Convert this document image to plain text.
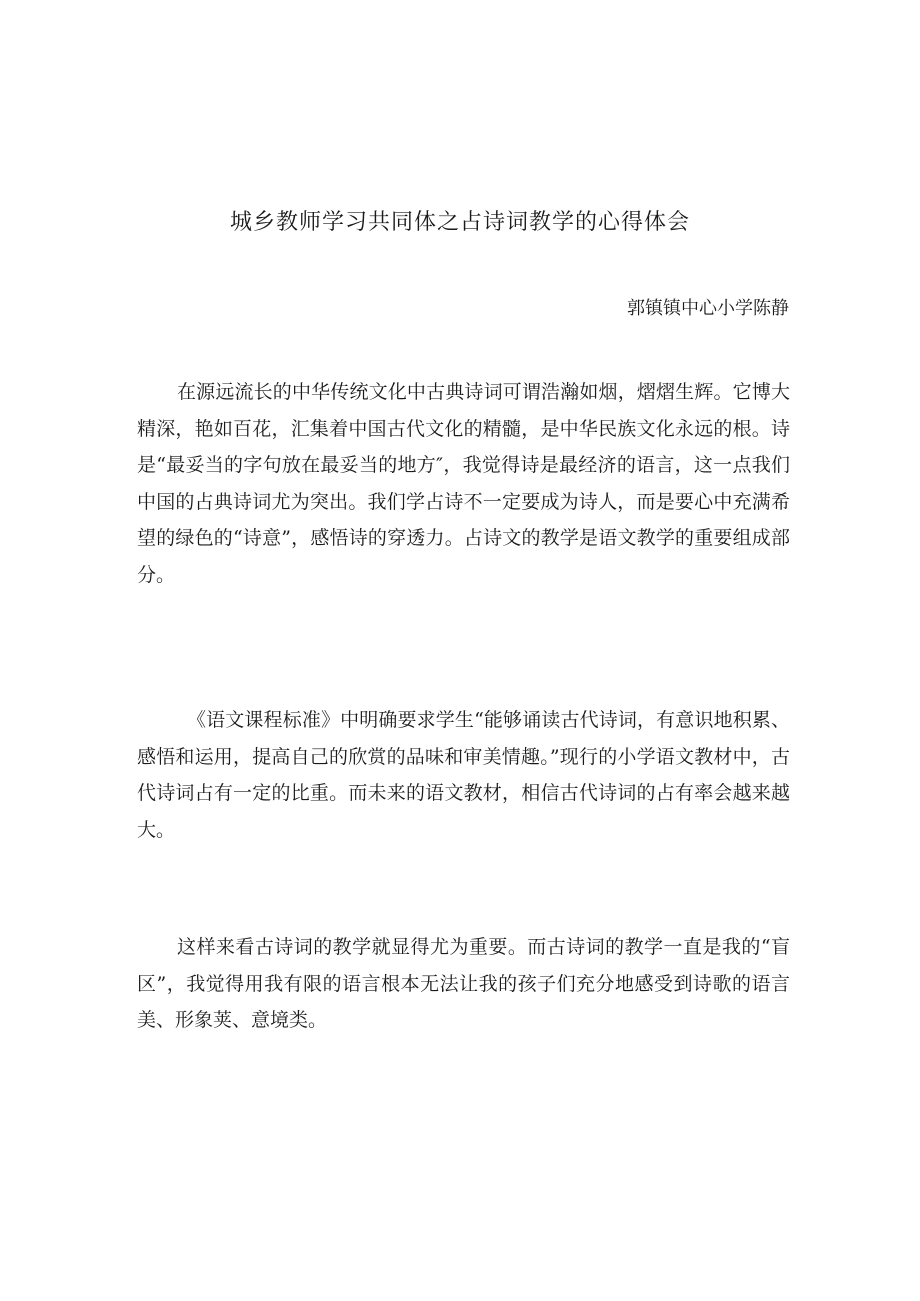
城乡教师学习共同体之占诗词教学的心得体会

郭镇镇中心小学陈静

在源远流长的中华传统文化中古典诗词可谓浩瀚如烟，熠熠生辉。它博大精深，艳如百花，汇集着中国古代文化的精髓，是中华民族文化永远的根。诗是“最妥当的字句放在最妥当的地方″，我觉得诗是最经济的语言，这一点我们中国的占典诗词尤为突出。我们学占诗不一定要成为诗人，而是要心中充满希望的绿色的“诗意”，感悟诗的穿透力。占诗文的教学是语文教学的重要组成部分。

《语文课程标准》中明确要求学生“能够诵读古代诗词，有意识地积累、感悟和运用，提高自己的欣赏的品味和审美情趣。”现行的小学语文教材中，古代诗词占有一定的比重。而未来的语文教材，相信古代诗词的占有率会越来越大。

这样来看古诗词的教学就显得尤为重要。而古诗词的教学一直是我的“盲区”，我觉得用我有限的语言根本无法让我的孩子们充分地感受到诗歌的语言美、形象荚、意境类。
